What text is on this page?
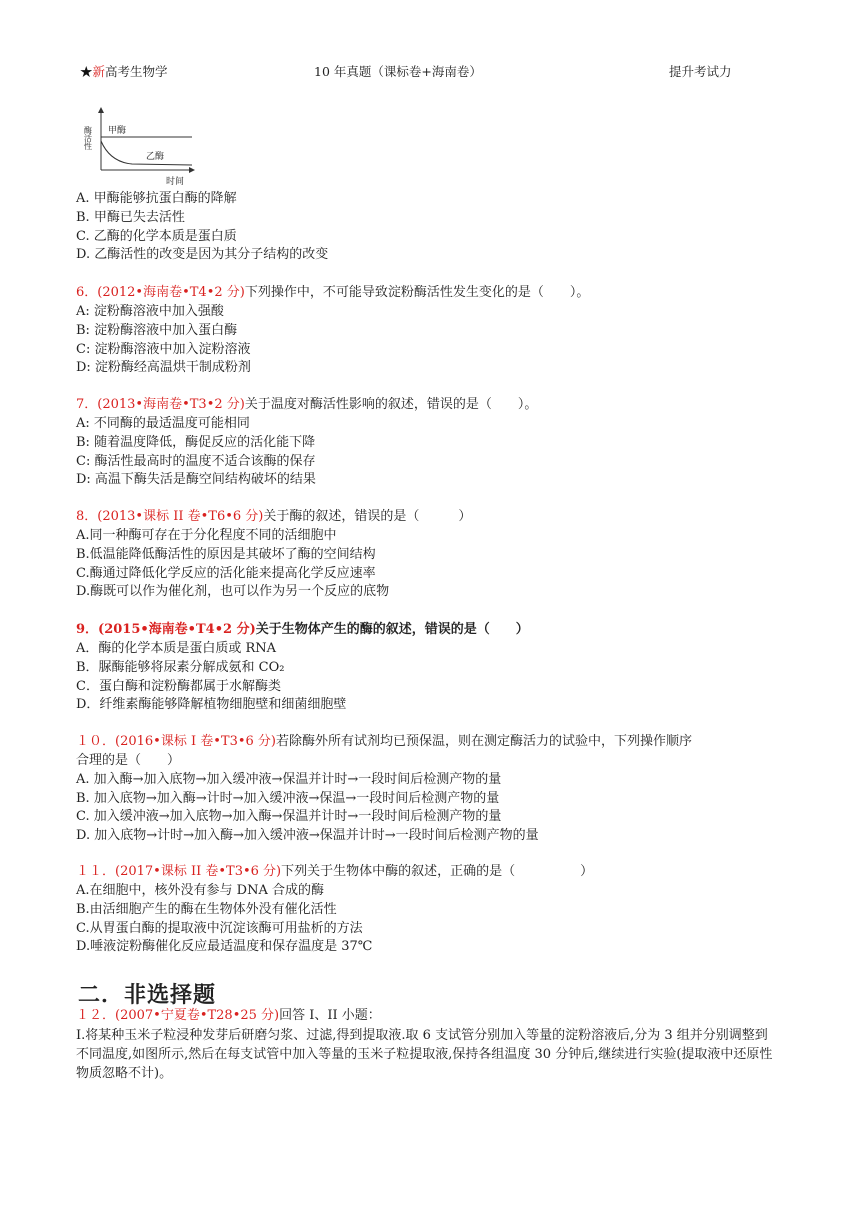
★新高考生物学	10 年真题（课标卷+海南卷）	提升考试力
酶活性 甲酶
乙酶
时间
A. 甲酶能够抗蛋白酶的降解
B. 甲酶已失去活性
C. 乙酶的化学本质是蛋白质
D. 乙酶活性的改变是因为其分子结构的改变
6．(2012•海南卷•T4•2 分)下列操作中，不可能导致淀粉酶活性发生变化的是（　　）。
A: 淀粉酶溶液中加入强酸
B: 淀粉酶溶液中加入蛋白酶
C: 淀粉酶溶液中加入淀粉溶液
D: 淀粉酶经高温烘干制成粉剂
7．(2013•海南卷•T3•2 分)关于温度对酶活性影响的叙述，错误的是（　　）。
A: 不同酶的最适温度可能相同
B: 随着温度降低，酶促反应的活化能下降
C: 酶活性最高时的温度不适合该酶的保存
D: 高温下酶失活是酶空间结构破坏的结果
8．(2013•课标 II 卷•T6•6 分)关于酶的叙述，错误的是（　　　）
A.同一种酶可存在于分化程度不同的活细胞中
B.低温能降低酶活性的原因是其破坏了酶的空间结构
C.酶通过降低化学反应的活化能来提高化学反应速率
D.酶既可以作为催化剂，也可以作为另一个反应的底物
9．(2015•海南卷•T4•2 分)关于生物体产生的酶的叙述，错误的是（　　）
A．酶的化学本质是蛋白质或 RNA
B．脲酶能够将尿素分解成氨和 CO₂
C．蛋白酶和淀粉酶都属于水解酶类
D．纤维素酶能够降解植物细胞壁和细菌细胞壁
１０．(2016•课标 I 卷•T3•6 分)若除酶外所有试剂均已预保温，则在测定酶活力的试验中，下列操作顺序
合理的是（　　）
A. 加入酶→加入底物→加入缓冲液→保温并计时→一段时间后检测产物的量
B. 加入底物→加入酶→计时→加入缓冲液→保温→一段时间后检测产物的量
C. 加入缓冲液→加入底物→加入酶→保温并计时→一段时间后检测产物的量
D. 加入底物→计时→加入酶→加入缓冲液→保温并计时→一段时间后检测产物的量
１１．(2017•课标 II 卷•T3•6 分)下列关于生物体中酶的叙述，正确的是（　　　　　）
A.在细胞中，核外没有参与 DNA 合成的酶
B.由活细胞产生的酶在生物体外没有催化活性
C.从胃蛋白酶的提取液中沉淀该酶可用盐析的方法
D.唾液淀粉酶催化反应最适温度和保存温度是 37℃
二．非选择题
１２．(2007•宁夏卷•T28•25 分)回答 I、II 小题：
I.将某种玉米子粒浸种发芽后研磨匀浆、过滤,得到提取液.取 6 支试管分别加入等量的淀粉溶液后,分为 3 组并分别调整到不同温度,如图所示,然后在每支试管中加入等量的玉米子粒提取液,保持各组温度 30 分钟后,继续进行实验(提取液中还原性物质忽略不计)。
